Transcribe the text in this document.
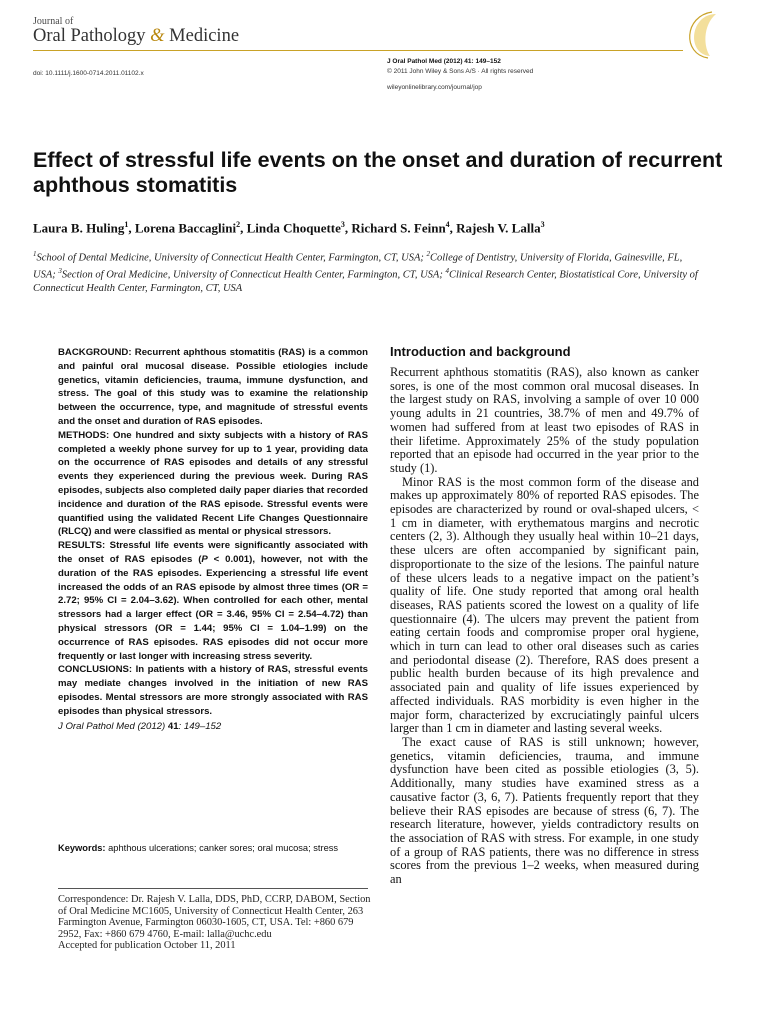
Journal of
Oral Pathology & Medicine
doi: 10.1111/j.1600-0714.2011.01102.x
J Oral Pathol Med (2012) 41: 149–152
© 2011 John Wiley & Sons A/S · All rights reserved
wileyonlinelibrary.com/journal/jop
Effect of stressful life events on the onset and duration of recurrent aphthous stomatitis
Laura B. Huling$^1$, Lorena Baccaglini$^2$, Linda Choquette$^3$, Richard S. Feinn$^4$, Rajesh V. Lalla$^3$
$^1$School of Dental Medicine, University of Connecticut Health Center, Farmington, CT, USA; $^2$College of Dentistry, University of Florida, Gainesville, FL, USA; $^3$Section of Oral Medicine, University of Connecticut Health Center, Farmington, CT, USA; $^4$Clinical Research Center, Biostatistical Core, University of Connecticut Health Center, Farmington, CT, USA

BACKGROUND: Recurrent aphthous stomatitis (RAS) is a common and painful oral mucosal disease. Possible etiologies include genetics, vitamin deficiencies, trauma, immune dysfunction, and stress. The goal of this study was to examine the relationship between the occurrence, type, and magnitude of stressful events and the onset and duration of RAS episodes.

METHODS: One hundred and sixty subjects with a history of RAS completed a weekly phone survey for up to 1 year, providing data on the occurrence of RAS episodes and details of any stressful events they experienced during the previous week. During RAS episodes, subjects also completed daily paper diaries that recorded incidence and duration of the RAS episode. Stressful events were quantified using the validated Recent Life Changes Questionnaire (RLCQ) and were classified as mental or physical stressors.

RESULTS: Stressful life events were significantly associated with the onset of RAS episodes (P < 0.001), however, not with the duration of the RAS episodes. Experiencing a stressful life event increased the odds of an RAS episode by almost three times (OR = 2.72; 95% CI = 2.04–3.62). When controlled for each other, mental stressors had a larger effect (OR = 3.46, 95% CI = 2.54–4.72) than physical stressors (OR = 1.44; 95% CI = 1.04–1.99) on the occurrence of RAS episodes. RAS episodes did not occur more frequently or last longer with increasing stress severity.

CONCLUSIONS: In patients with a history of RAS, stressful events may mediate changes involved in the initiation of new RAS episodes. Mental stressors are more strongly associated with RAS episodes than physical stressors.

J Oral Pathol Med (2012) 41: 149–152

Keywords: aphthous ulcerations; canker sores; oral mucosa; stress

Correspondence: Dr. Rajesh V. Lalla, DDS, PhD, CCRP, DABOM, Section of Oral Medicine MC1605, University of Connecticut Health Center, 263 Farmington Avenue, Farmington 06030-1605, CT, USA. Tel: +860 679 2952, Fax: +860 679 4760, E-mail: lalla@uchc.edu

Accepted for publication October 11, 2011

Introduction and background

Recurrent aphthous stomatitis (RAS), also known as canker sores, is one of the most common oral mucosal diseases. In the largest study on RAS, involving a sample of over 10 000 young adults in 21 countries, 38.7% of men and 49.7% of women had suffered from at least two episodes of RAS in their lifetime. Approximately 25% of the study population reported that an episode had occurred in the year prior to the study (1).

Minor RAS is the most common form of the disease and makes up approximately 80% of reported RAS episodes. The episodes are characterized by round or oval-shaped ulcers, < 1 cm in diameter, with erythematous margins and necrotic centers (2, 3). Although they usually heal within 10–21 days, these ulcers are often accompanied by significant pain, disproportionate to the size of the lesions. The painful nature of these ulcers leads to a negative impact on the patient’s quality of life. One study reported that among oral health diseases, RAS patients scored the lowest on a quality of life questionnaire (4). The ulcers may prevent the patient from eating certain foods and compromise proper oral hygiene, which in turn can lead to other oral diseases such as caries and periodontal disease (2). Therefore, RAS does present a public health burden because of its high prevalence and associated pain and quality of life issues experienced by affected individuals. RAS morbidity is even higher in the major form, characterized by excruciatingly painful ulcers larger than 1 cm in diameter and lasting several weeks.

The exact cause of RAS is still unknown; however, genetics, vitamin deficiencies, trauma, and immune dysfunction have been cited as possible etiologies (3, 5). Additionally, many studies have examined stress as a causative factor (3, 6, 7). Patients frequently report that they believe their RAS episodes are because of stress (6, 7). The research literature, however, yields contradictory results on the association of RAS with stress. For example, in one study of a group of RAS patients, there was no difference in stress scores from the previous 1–2 weeks, when measured during an
